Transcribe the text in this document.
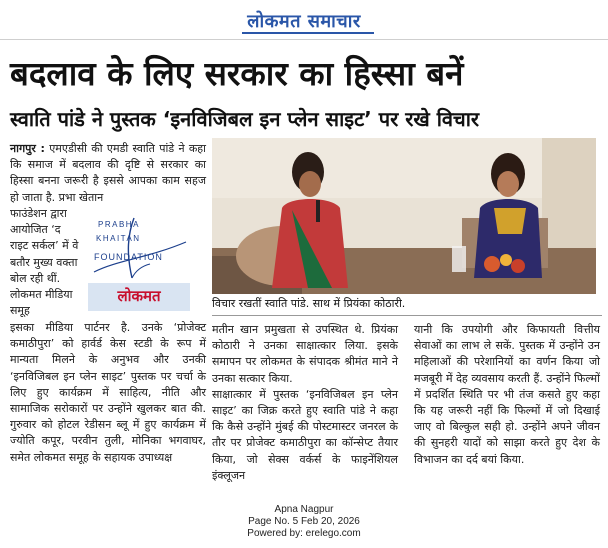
लोकमत समाचार
बदलाव के लिए सरकार का हिस्सा बनें
स्वाति पांडे ने पुस्तक ‘इनविजिबल इन प्लेन साइट’ पर रखे विचार
नागपुर : एमएडीसी की एमडी स्वाति पांडे ने कहा कि समाज में बदलाव की दृष्टि से सरकार का हिस्सा बनना जरूरी है इससे आपका काम सहज हो जाता है. प्रभा खेतान
फाउंडेशन द्वारा आयोजित ‘द राइट सर्कल’ में वे बतौर मुख्य वक्ता बोल रही थीं. लोकमत मीडिया समूह
PRABHA
KHAITAN
FOUNDATION
लोकमत
इसका मीडिया पार्टनर है. उनके ‘प्रोजेक्ट कमाठीपुरा’ को हार्वर्ड केस स्टडी के रूप में मान्यता मिलने के अनुभव और उनकी ‘इनविजिबल इन प्लेन साइट’ पुस्तक पर चर्चा के लिए हुए कार्यक्रम में साहित्य, नीति और सामाजिक सरोकारों पर उन्होंने खुलकर बात की. गुरुवार को होटल रेडीसन ब्लू में हुए कार्यक्रम में ज्योति कपूर, परवीन तुली, मोनिका भगवाघर, समेत लोकमत समूह के सहायक उपाध्यक्ष
विचार रखतीं स्वाति पांडे. साथ में प्रियंका कोठारी.
मतीन खान प्रमुखता से उपस्थित थे. प्रियंका कोठारी ने उनका साक्षात्कार लिया. इसके समापन पर लोकमत के संपादक श्रीमंत माने ने उनका सत्कार किया.
साक्षात्कार में पुस्तक ‘इनविजिबल इन प्लेन साइट’ का जिक्र करते हुए स्वाति पांडे ने कहा कि कैसे उन्होंने मुंबई की पोस्टमास्टर जनरल के तौर पर प्रोजेक्ट कमाठीपुरा का कॉन्सेप्ट तैयार किया, जो सेक्स वर्कर्स के फाइनेंशियल इंक्लूजन
यानी कि उपयोगी और किफायती वित्तीय सेवाओं का लाभ ले सकें. पुस्तक में उन्होंने उन महिलाओं की परेशानियों का वर्णन किया जो मजबूरी में देह व्यवसाय करती हैं. उन्होंने फिल्मों में प्रदर्शित स्थिति पर भी तंज कसते हुए कहा कि यह जरूरी नहीं कि फिल्मों में जो दिखाई जाए वो बिल्कुल सही हो. उन्होंने अपने जीवन की सुनहरी यादों को साझा करते हुए देश के विभाजन का दर्द बयां किया.
Apna Nagpur
Page No. 5 Feb 20, 2026
Powered by: erelego.com
